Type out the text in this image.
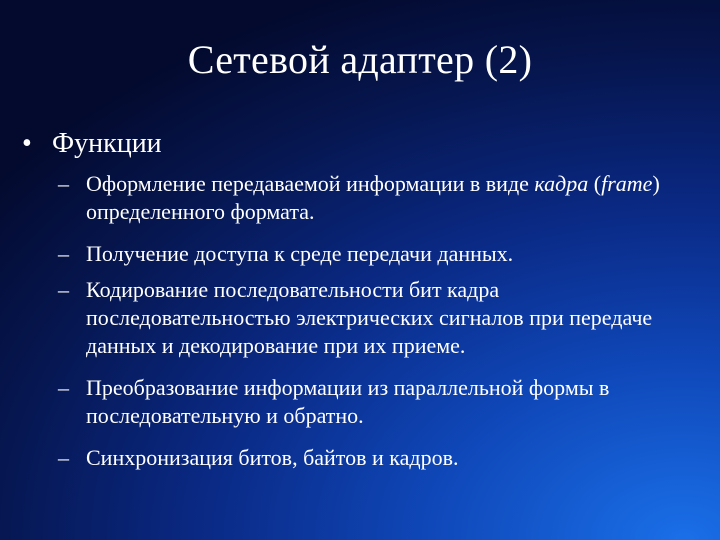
Сетевой адаптер (2)
• Функции
– Оформление передаваемой информации в виде кадра (frame) определенного формата.
– Получение доступа к среде передачи данных.
– Кодирование последовательности бит кадра последовательностью электрических сигналов при передаче данных и декодирование при их приеме.
– Преобразование информации из параллельной формы в последовательную и обратно.
– Синхронизация битов, байтов и кадров.
